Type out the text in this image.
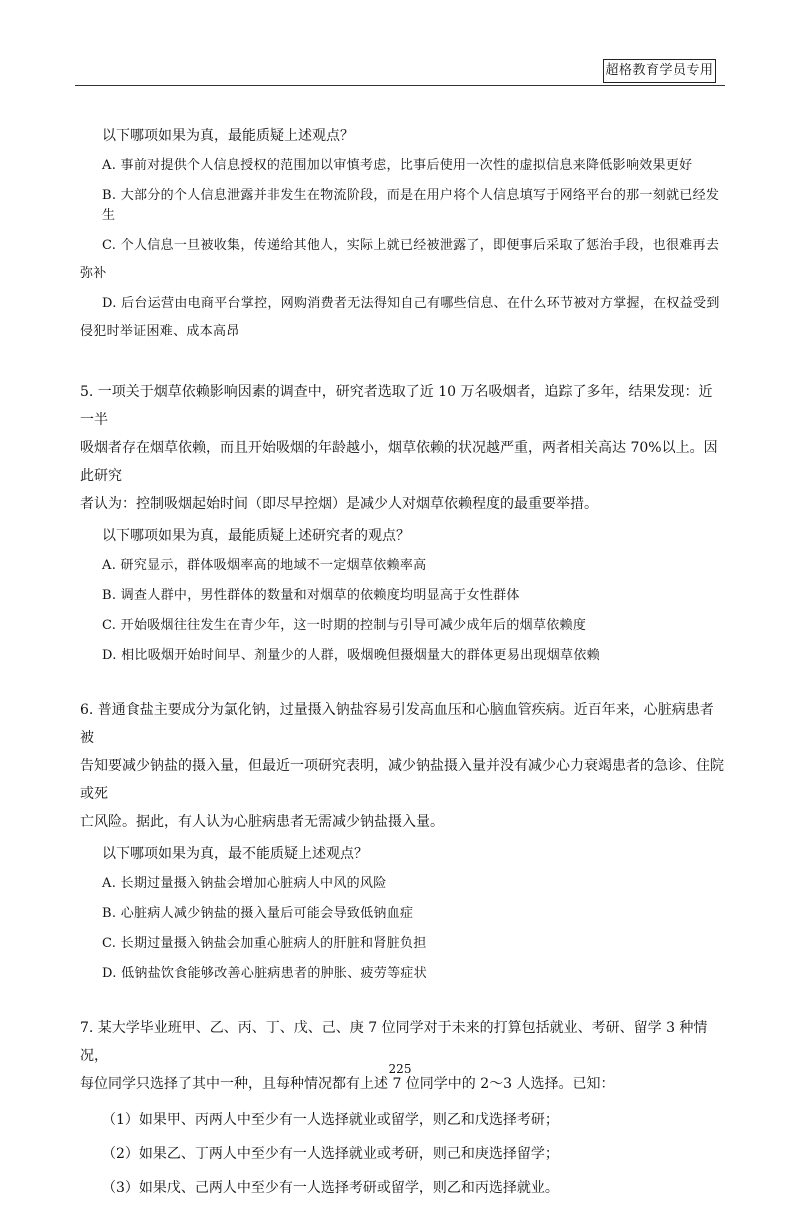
超格教育学员专用

以下哪项如果为真，最能质疑上述观点？

A. 事前对提供个人信息授权的范围加以审慎考虑，比事后使用一次性的虚拟信息来降低影响效果更好

B. 大部分的个人信息泄露并非发生在物流阶段，而是在用户将个人信息填写于网络平台的那一刻就已经发生

C. 个人信息一旦被收集，传递给其他人，实际上就已经被泄露了，即便事后采取了惩治手段，也很难再去

弥补

D. 后台运营由电商平台掌控，网购消费者无法得知自己有哪些信息、在什么环节被对方掌握，在权益受到

侵犯时举证困难、成本高昂

5. 一项关于烟草依赖影响因素的调查中，研究者选取了近 10 万名吸烟者，追踪了多年，结果发现：近一半

吸烟者存在烟草依赖，而且开始吸烟的年龄越小，烟草依赖的状况越严重，两者相关高达 70%以上。因此研究

者认为：控制吸烟起始时间（即尽早控烟）是减少人对烟草依赖程度的最重要举措。

以下哪项如果为真，最能质疑上述研究者的观点？

A. 研究显示，群体吸烟率高的地域不一定烟草依赖率高

B. 调查人群中，男性群体的数量和对烟草的依赖度均明显高于女性群体

C. 开始吸烟往往发生在青少年，这一时期的控制与引导可减少成年后的烟草依赖度

D. 相比吸烟开始时间早、剂量少的人群，吸烟晚但摄烟量大的群体更易出现烟草依赖

6. 普通食盐主要成分为氯化钠，过量摄入钠盐容易引发高血压和心脑血管疾病。近百年来，心脏病患者被

告知要减少钠盐的摄入量，但最近一项研究表明，减少钠盐摄入量并没有减少心力衰竭患者的急诊、住院或死

亡风险。据此，有人认为心脏病患者无需减少钠盐摄入量。

以下哪项如果为真，最不能质疑上述观点？

A. 长期过量摄入钠盐会增加心脏病人中风的风险

B. 心脏病人减少钠盐的摄入量后可能会导致低钠血症

C. 长期过量摄入钠盐会加重心脏病人的肝脏和肾脏负担

D. 低钠盐饮食能够改善心脏病患者的肿胀、疲劳等症状

7. 某大学毕业班甲、乙、丙、丁、戊、己、庚 7 位同学对于未来的打算包括就业、考研、留学 3 种情况，

每位同学只选择了其中一种，且每种情况都有上述 7 位同学中的 2～3 人选择。已知：

（1）如果甲、丙两人中至少有一人选择就业或留学，则乙和戊选择考研；

（2）如果乙、丁两人中至少有一人选择就业或考研，则己和庚选择留学；

（3）如果戊、己两人中至少有一人选择考研或留学，则乙和丙选择就业。

225
